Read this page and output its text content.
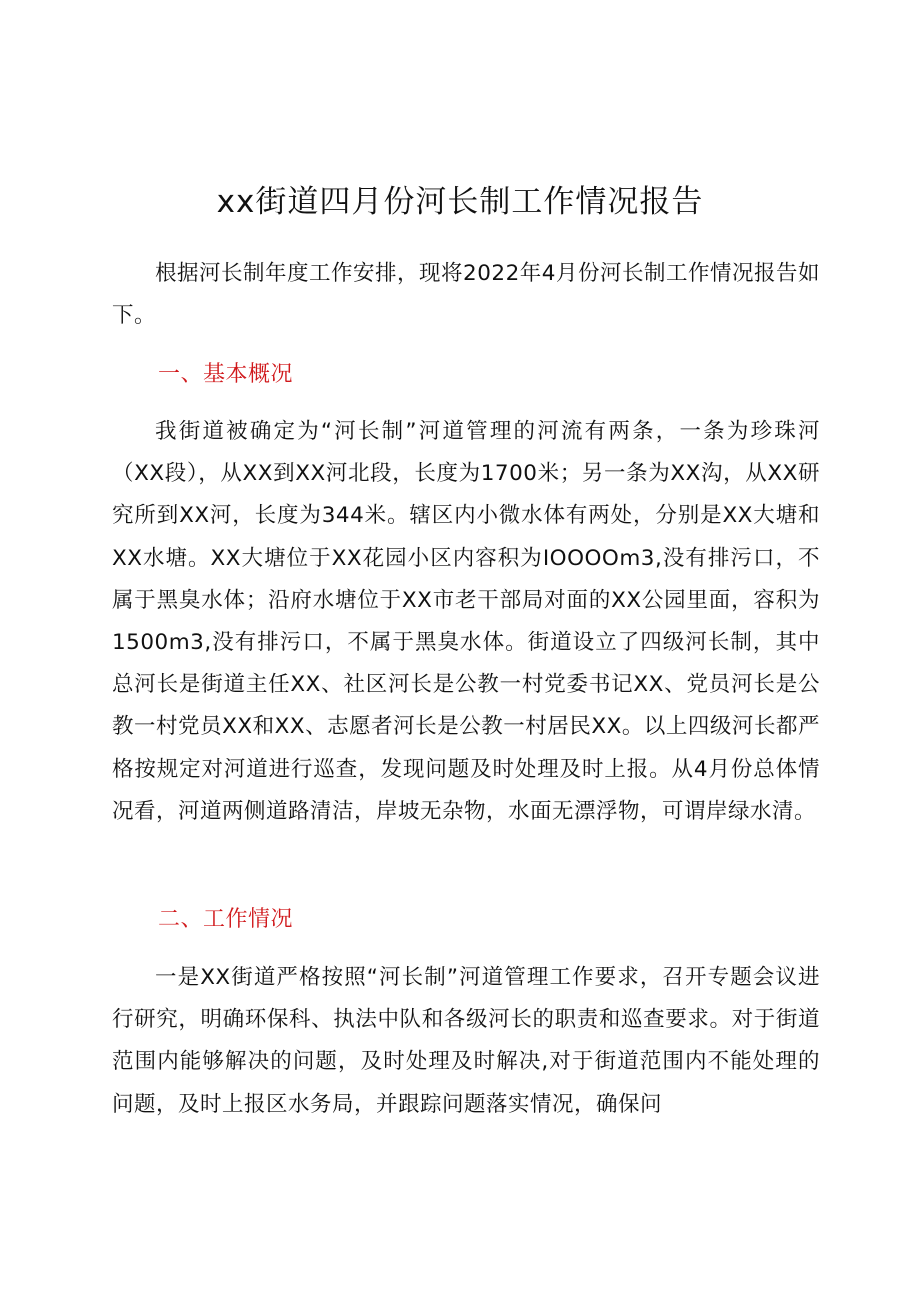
xx街道四月份河长制工作情况报告

根据河长制年度工作安排，现将2022年4月份河长制工作情况报告如下。

一、基本概况

我街道被确定为“河长制”河道管理的河流有两条，一条为珍珠河（XX段），从XX到XX河北段，长度为1700米；另一条为XX沟，从XX研究所到XX河，长度为344米。辖区内小微水体有两处，分别是XX大塘和XX水塘。XX大塘位于XX花园小区内容积为IOOOOm3,没有排污口，不属于黑臭水体；沿府水塘位于XX市老干部局对面的XX公园里面，容积为1500m3,没有排污口，不属于黑臭水体。街道设立了四级河长制，其中总河长是街道主任XX、社区河长是公教一村党委书记XX、党员河长是公教一村党员XX和XX、志愿者河长是公教一村居民XX。以上四级河长都严格按规定对河道进行巡查，发现问题及时处理及时上报。从4月份总体情况看，河道两侧道路清洁，岸坡无杂物，水面无漂浮物，可谓岸绿水清。

二、工作情况

一是XX街道严格按照“河长制”河道管理工作要求，召开专题会议进行研究，明确环保科、执法中队和各级河长的职责和巡查要求。对于街道范围内能够解决的问题，及时处理及时解决,对于街道范围内不能处理的问题，及时上报区水务局，并跟踪问题落实情况，确保问
